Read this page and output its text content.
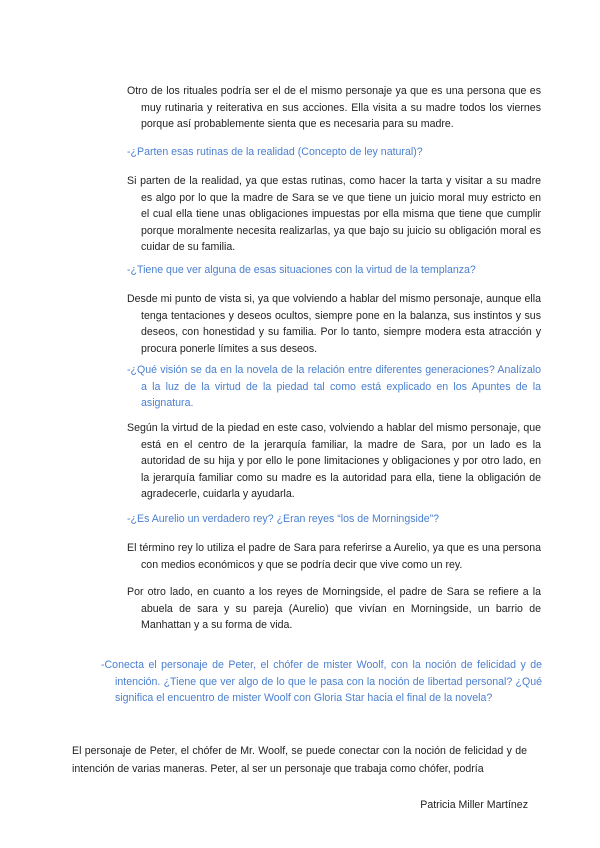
Otro de los rituales podría ser el de el mismo personaje ya que es una persona que es muy rutinaria y reiterativa en sus acciones. Ella visita a su madre todos los viernes porque así probablemente sienta que es necesaria para su madre.

-¿Parten esas rutinas de la realidad (Concepto de ley natural)?

Si parten de la realidad, ya que estas rutinas, como hacer la tarta y visitar a su madre es algo por lo que la madre de Sara se ve que tiene un juicio moral muy estricto en el cual ella tiene unas obligaciones impuestas por ella misma que tiene que cumplir porque moralmente necesita realizarlas, ya que bajo su juicio su obligación moral es cuidar de su familia.

-¿Tiene que ver alguna de esas situaciones con la virtud de la templanza?

Desde mi punto de vista si, ya que volviendo a hablar del mismo personaje, aunque ella tenga tentaciones y deseos ocultos, siempre pone en la balanza, sus instintos y sus deseos, con honestidad y su familia. Por lo tanto, siempre modera esta atracción y procura ponerle límites a sus deseos.

-¿Qué visión se da en la novela de la relación entre diferentes generaciones? Analízalo a la luz de la virtud de la piedad tal como está explicado en los Apuntes de la asignatura.

Según la virtud de la piedad en este caso, volviendo a hablar del mismo personaje, que está en el centro de la jerarquía familiar, la madre de Sara, por un lado es la autoridad de su hija y por ello le pone limitaciones y obligaciones y por otro lado, en la jerarquía familiar como su madre es la autoridad para ella, tiene la obligación de agradecerle, cuidarla y ayudarla.

-¿Es Aurelio un verdadero rey? ¿Eran reyes “los de Morningside”?

El término rey lo utiliza el padre de Sara para referirse a Aurelio, ya que es una persona con medios económicos y que se podría decir que vive como un rey.

Por otro lado, en cuanto a los reyes de Morningside, el padre de Sara se refiere a la abuela de sara y su pareja (Aurelio) que vivían en Morningside, un barrio de Manhattan y a su forma de vida.

-Conecta el personaje de Peter, el chófer de mister Woolf, con la noción de felicidad y de intención. ¿Tiene que ver algo de lo que le pasa con la noción de libertad personal? ¿Qué significa el encuentro de mister Woolf con Gloria Star hacia el final de la novela?

El personaje de Peter, el chófer de Mr. Woolf, se puede conectar con la noción de felicidad y de intención de varias maneras. Peter, al ser un personaje que trabaja como chófer, podría

Patricia Miller Martínez
